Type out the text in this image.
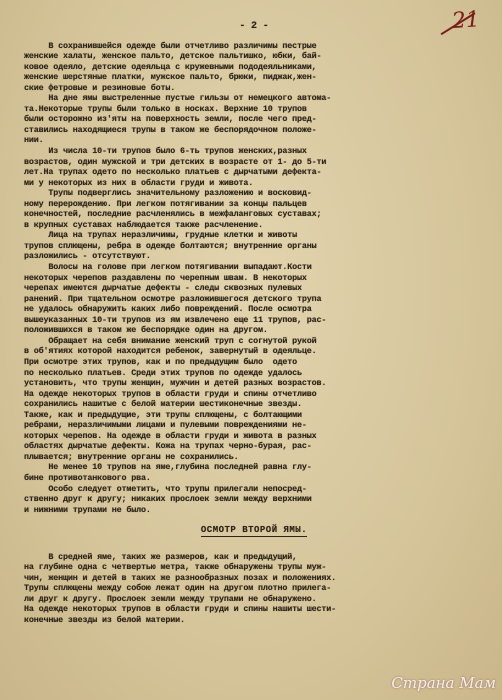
21
- 2 -
В сохранившейся одежде были отчетливо различимы пестрые
женские халаты, женское пальто, детское пальтишко, юбки, бай-
ковое одеяло, детские одеяльца с кружевными пододеяльниками,
женские шерстяные платки, мужское пальто, брюки, пиджак,жен-
ские фетровые и резиновые боты.
На дне ямы выстреленные пустые гильзы от немецкого автома-
та.Некоторые трупы были только в носках. Верхние 10 трупов
были осторожно из'яты на поверхность земли, после чего пред-
ставились находящиеся трупы в таком же беспорядочном положе-
нии.
Из числа 10-ти трупов было 6-ть трупов женских,разных
возрастов, один мужской и три детских в возрасте от 1- до 5-ти
лет.На трупах одето по несколько платьев с дырчатыми дефекта-
ми у некоторых из них в области груди и живота.
Трупы подверглись значительному разложению и восковид-
ному перерождению. При легком потягивании за концы пальцев
конечностей, последние расчленялись в межфаланговых суставах;
в крупных суставах наблюдается также расчленение.
Лица на трупах неразличимы, грудные клетки и животы
трупов сплющены, ребра в одежде болтаются; внутренние органы
разложились - отсутствуют.
Волосы на голове при легком потягивании выпадают.Кости
некоторых черепов раздавлены по черепным швам. В некоторых
черепах имеются дырчатые дефекты - следы сквозных пулевых
ранений. При тщательном осмотре разложившегося детского трупа
не удалось обнаружить каких либо повреждений. После осмотра
вышеуказанных 10-ти трупов из ям извлечено еще 11 трупов, рас-
положившихся в таком же беспорядке один на другом.
Обращает на себя внимание женский труп с согнутой рукой
в об'ятиях которой находится ребенок, завернутый в одеяльце.
При осмотре этих трупов, как и по предыдущим было  одето
по несколько платьев. Среди этих трупов по одежде удалось
установить, что трупы женщин, мужчин и детей разных возрастов.
На одежде некоторых трупов в области груди и спины отчетливо
сохранились нашитые с белой материи шестиконечные звезды.
Также, как и предыдущие, эти трупы сплющены, с болтающими
ребрами, неразличимыми лицами и пулевыми повреждениями не-
которых черепов. На одежде в области груди и живота в разных
областях дырчатые дефекты. Кожа на трупах черно-бурая, рас-
плывается; внутренние органы не сохранились.
Не менее 10 трупов на яме,глубина последней равна глу-
бине противотанкового рва.
Особо следует отметить, что трупы прилегали непосред-
ственно друг к другу; никаких прослоек земли между верхними
и нижними трупами не было.
ОСМОТР ВТОРОЙ ЯМЫ.
В средней яме, таких же размеров, как и предыдущий,
на глубине одна с четвертью метра, также обнаружены трупы муж-
чин, женщин и детей в таких же разнообразных позах и положениях.
Трупы сплющены между собою лежат один на другом плотно прилега-
ли друг к другу. Прослоек земли между трупами не обнаружено.
На одежде некоторых трупов в области груди и спины нашиты шести-
конечные звезды из белой материи.
Страна Мам
